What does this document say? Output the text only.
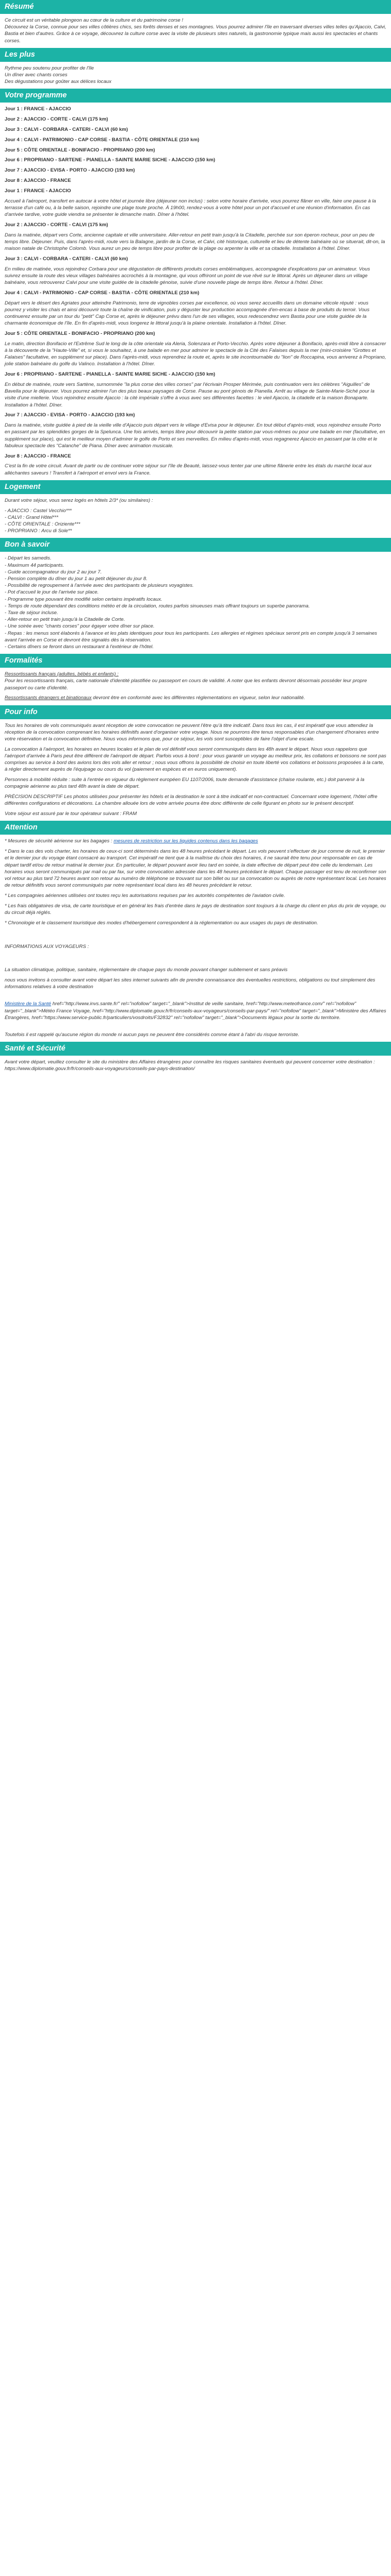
Résumé

Ce circuit est un véritable plongeon au cœur de la culture et du patrimoine corse !

Découvrez la Corse, connue pour ses villes côtières chics, ses forêts denses et ses montagnes. Vous pourrez admirer l'île en traversant diverses villes telles qu'Ajaccio, Calvi, Bastia et bien d'autres. Grâce à ce voyage, découvrez la culture corse avec la visite de plusieurs sites naturels, la gastronomie typique mais aussi les spectacles et chants corses.

Les plus

Rythme peu soutenu pour profiter de l'île

Un dîner avec chants corses

Des dégustations pour goûter aux délices locaux

Votre programme

Jour 1 : FRANCE - AJACCIO

Jour 2 : AJACCIO - CORTE - CALVI (175 km)

Jour 3 : CALVI - CORBARA - CATERI - CALVI (60 km)

Jour 4 : CALVI - PATRIMONIO - CAP CORSE - BASTIA - CÔTE ORIENTALE (210 km)

Jour 5 : CÔTE ORIENTALE - BONIFACIO - PROPRIANO (200 km)

Jour 6 : PROPRIANO - SARTENE - PIANELLA - SAINTE MARIE SICHE - AJACCIO (150 km)

Jour 7 : AJACCIO - EVISA - PORTO - AJACCIO (193 km)

Jour 8 : AJACCIO - FRANCE

Jour 1 : FRANCE - AJACCIO

Accueil à l'aéroport, transfert en autocar à votre hôtel et journée libre (déjeuner non inclus) : selon votre horaire d'arrivée, vous pourrez flâner en ville, faire une pause à la terrasse d'un café ou, à la belle saison, rejoindre une plage toute proche. À 19h00, rendez-vous à votre hôtel pour un pot d'accueil et une réunion d'information. En cas d'arrivée tardive, votre guide viendra se présenter le dimanche matin. Dîner à l'hôtel.

Jour 2 : AJACCIO - CORTE - CALVI (175 km)

Dans la matinée, départ vers Corte, ancienne capitale et ville universitaire. Aller-retour en petit train jusqu'à la Citadelle, perchée sur son éperon rocheux, pour un peu de temps libre. Déjeuner. Puis, dans l'après-midi, route vers la Balagne, jardin de la Corse, et Calvi, cité historique, culturelle et lieu de détente balnéaire où se situerait, dit-on, la maison natale de Christophe Colomb. Vous aurez un peu de temps libre pour profiter de la plage ou arpenter la ville et sa citadelle. Installation à l'hôtel. Dîner.

Jour 3 : CALVI - CORBARA - CATERI - CALVI (60 km)

En milieu de matinée, vous rejoindrez Corbara pour une dégustation de différents produits corses emblématiques, accompagnée d'explications par un animateur. Vous suivrez ensuite la route des vieux villages balnéaires accrochés à la montagne, qui vous offriront un point de vue rêvé sur le littoral. Après un déjeuner dans un village balnéaire, vous retrouverez Calvi pour une visite guidée de la citadelle génoise, suivie d'une nouvelle plage de temps libre. Retour à l'hôtel. Dîner.

Jour 4 : CALVI - PATRIMONIO - CAP CORSE - BASTIA - CÔTE ORIENTALE (210 km)

Départ vers le désert des Agriates pour atteindre Patrimonio, terre de vignobles corses par excellence, où vous serez accueillis dans un domaine viticole réputé : vous pourrez y visiter les chais et ainsi découvrir toute la chaîne de vinification, puis y déguster leur production accompagnée d'en-encas à base de produits du terroir. Vous continuerez ensuite par un tour du "petit" Cap Corse et, après le déjeuner prévu dans l'un de ses villages, vous redescendrez vers Bastia pour une visite guidée de la charmante économique de l'île. En fin d'après-midi, vous longerez le littoral jusqu'à la plaine orientale. Installation à l'hôtel. Dîner.

Jour 5 : CÔTE ORIENTALE - BONIFACIO - PROPRIANO (200 km)

Le matin, direction Bonifacio et l'Extrême Sud le long de la côte orientale via Aleria, Solenzara et Porto-Vecchio. Après votre déjeuner à Bonifacio, après-midi libre à consacrer à la découverte de la "Haute-Ville" et, si vous le souhaitez, à une balade en mer pour admirer le spectacle de la Cité des Falaises depuis la mer (mini-croisière "Grottes et Falaises" facultative, en supplément sur place). Dans l'après-midi, vous reprendrez la route et, après le site incontournable du "lion" de Roccapina, vous arriverez à Propriano, jolie station balnéaire du golfe du Valinco. Installation à l'hôtel. Dîner.

Jour 6 : PROPRIANO - SARTENE - PIANELLA - SAINTE MARIE SICHE - AJACCIO (150 km)

En début de matinée, route vers Sartène, surnommée "la plus corse des villes corses" par l'écrivain Prosper Mérimée, puis continuation vers les célèbres "Aiguilles" de Bavella pour le déjeuner. Vous pourrez admirer l'un des plus beaux paysages de Corse. Pause au pont génois de Pianella. Arrêt au village de Sainte-Marie-Siché pour la visite d'une miellerie. Vous rejoindrez ensuite Ajaccio : la cité impériale s'offre à vous avec ses différentes facettes : le vieil Ajaccio, la citadelle et la maison Bonaparte. Installation à l'hôtel. Dîner.

Jour 7 : AJACCIO - EVISA - PORTO - AJACCIO (193 km)

Dans la matinée, visite guidée à pied de la vieille ville d'Ajaccio puis départ vers le village d'Evisa pour le déjeuner. En tout début d'après-midi, vous rejoindrez ensuite Porto en passant par les splendides gorges de la Spelunca. Une fois arrivés, temps libre pour découvrir la petite station par vous-mêmes ou pour une balade en mer (facultative, en supplément sur place), qui est le meilleur moyen d'admirer le golfe de Porto et ses merveilles. En milieu d'après-midi, vous regagnerez Ajaccio en passant par la côte et le fabuleux spectacle des "Calanche" de Piana. Dîner avec animation musicale.

Jour 8 : AJACCIO - FRANCE

C'est la fin de votre circuit. Avant de partir ou de continuer votre séjour sur l'île de Beauté, laissez-vous tenter par une ultime flânerie entre les étals du marché local aux alléchantes saveurs ! Transfert à l'aéroport et envol vers la France.

Logement

Durant votre séjour, vous serez logés en hôtels 2/3* (ou similaires) :

- AJACCIO : Castel Vecchio***

- CALVI : Grand Hôtel***

- CÔTE ORIENTALE : Oriziente***

- PROPRIANO : Arcu di Sole**

Bon à savoir

- Départ les samedis.

- Maximum 44 participants.

- Guide accompagnateur du jour 2 au jour 7.

- Pension complète du dîner du jour 1 au petit déjeuner du jour 8.

- Possibilité de regroupement à l'arrivée avec des participants de plusieurs voyagistes.

- Pot d'accueil le jour de l'arrivée sur place.

- Programme type pouvant être modifié selon certains impératifs locaux.

- Temps de route dépendant des conditions météo et de la circulation, routes parfois sinueuses mais offrant toujours un superbe panorama.

- Taxe de séjour incluse.

- Aller-retour en petit train jusqu'à la Citadelle de Corte.

- Une soirée avec "chants corses" pour égayer votre dîner sur place.

- Repas : les menus sont élaborés à l'avance et les plats identiques pour tous les participants. Les allergies et régimes spéciaux seront pris en compte jusqu'à 3 semaines avant l'arrivée en Corse et devront être signalés dès la réservation.

- Certains dîners se feront dans un restaurant à l'extérieur de l'hôtel.

Formalités

Ressortissants français (adultes, bébés et enfants) :

Pour les ressortissants français, carte nationale d'identité plastifiée ou passeport en cours de validité. A noter que les enfants devront désormais posséder leur propre passeport ou carte d'identité.

Ressortissants étrangers et binationaux devront être en conformité avec les différentes réglementations en vigueur, selon leur nationalité.

Pour info

Tous les horaires de vols communiqués avant réception de votre convocation ne peuvent l'être qu'à titre indicatif. Dans tous les cas, il est impératif que vous attendiez la réception de la convocation comprenant les horaires définitifs avant d'organiser votre voyage. Nous ne pourrons être tenus responsables d'un changement d'horaires entre votre réservation et la convocation définitive. Nous vous informons que, pour ce séjour, les vols sont susceptibles de faire l'objet d'une escale.

La convocation à l'aéroport, les horaires en heures locales et le plan de vol définitif vous seront communiqués dans les 48h avant le départ. Nous vous rappelons que l'aéroport d'arrivée à Paris peut être différent de l'aéroport de départ. Parfois vous à bord : pour vous garantir un voyage au meilleur prix, les collations et boissons ne sont pas comprises au service à bord des avions lors des vols aller et retour ; nous vous offrons la possibilité de choisir en toute liberté vos collations et boissons proposées à la carte, à régler directement auprès de l'équipage ou cours du vol (paiement en espèces et en euros uniquement).

Personnes à mobilité réduite : suite à l'entrée en vigueur du règlement européen EU 1107/2006, toute demande d'assistance (chaise roulante, etc.) doit parvenir à la compagnie aérienne au plus tard 48h avant la date de départ.

PRÉCISION DESCRIPTIF Les photos utilisées pour présenter les hôtels et la destination le sont à titre indicatif et non-contractuel. Concernant votre logement, l'hôtel offre différentes configurations et décorations. La chambre allouée lors de votre arrivée pourra être donc différente de celle figurant en photo sur le présent descriptif.

Votre séjour est assuré par le tour opérateur suivant : FRAM

Attention

* Mesures de sécurité aérienne sur les bagages : mesures de restriction sur les liquides contenus dans les bagages

* Dans le cas des vols charter, les horaires de ceux-ci sont déterminés dans les 48 heures précédant le départ. Les vols peuvent s'effectuer de jour comme de nuit, le premier et le dernier jour du voyage étant consacré au transport. Cet impératif ne tient que à la maîtrise du choix des horaires, il ne saurait être tenu pour responsable en cas de départ tardif et/ou de retour matinal le dernier jour. En particulier, le départ pouvant avoir lieu tard en soirée, la date effective de départ peut être celle du lendemain. Les horaires vous seront communiqués par mail ou par fax, sur votre convocation adressée dans les 48 heures précédant le départ. Chaque passager est tenu de reconfirmer son vol retour au plus tard 72 heures avant son retour au numéro de téléphone se trouvant sur son billet ou sur sa convocation ou auprès de notre représentant local. Les horaires de retour définitifs vous seront communiqués par notre représentant local dans les 48 heures précédant le retour.

* Les compagnies aériennes utilisées ont toutes reçu les autorisations requises par les autorités compétentes de l'aviation civile.

* Les frais obligatoires de visa, de carte touristique et en général les frais d'entrée dans le pays de destination sont toujours à la charge du client en plus du prix de voyage, ou du circuit déjà réglés.

* Chronologie et le classement touristique des modes d'hébergement correspondent à la réglementation ou aux usages du pays de destination.

INFORMATIONS AUX VOYAGEURS :

La situation climatique, politique, sanitaire, réglementaire de chaque pays du monde pouvant changer subitement et sans préavis

nous vous invitons à consulter avant votre départ les sites internet suivants afin de prendre connaissance des éventuelles restrictions, obligations ou tout simplement des informations relatives à votre destination

Ministère de la Santé href="http://www.invs.sante.fr/" rel="nofollow" target="_blank">Institut de veille sanitaire, href="http://www.meteofrance.com/" rel="nofollow" target="_blank">Météo France Voyage, href="http://www.diplomatie.gouv.fr/fr/conseils-aux-voyageurs/conseils-par-pays/" rel="nofollow" target="_blank">Ministère des Affaires Étrangères, href="https://www.service-public.fr/particuliers/vosdroits/F32832" rel="nofollow" target="_blank">Documents légaux pour la sortie du territoire.

Toutefois il est rappelé qu'aucune région du monde ni aucun pays ne peuvent être considérés comme étant à l'abri du risque terroriste.

Santé et Sécurité

Avant votre départ, veuillez consulter le site du ministère des Affaires étrangères pour connaître les risques sanitaires éventuels qui peuvent concerner votre destination : https://www.diplomatie.gouv.fr/fr/conseils-aux-voyageurs/conseils-par-pays-destination/
